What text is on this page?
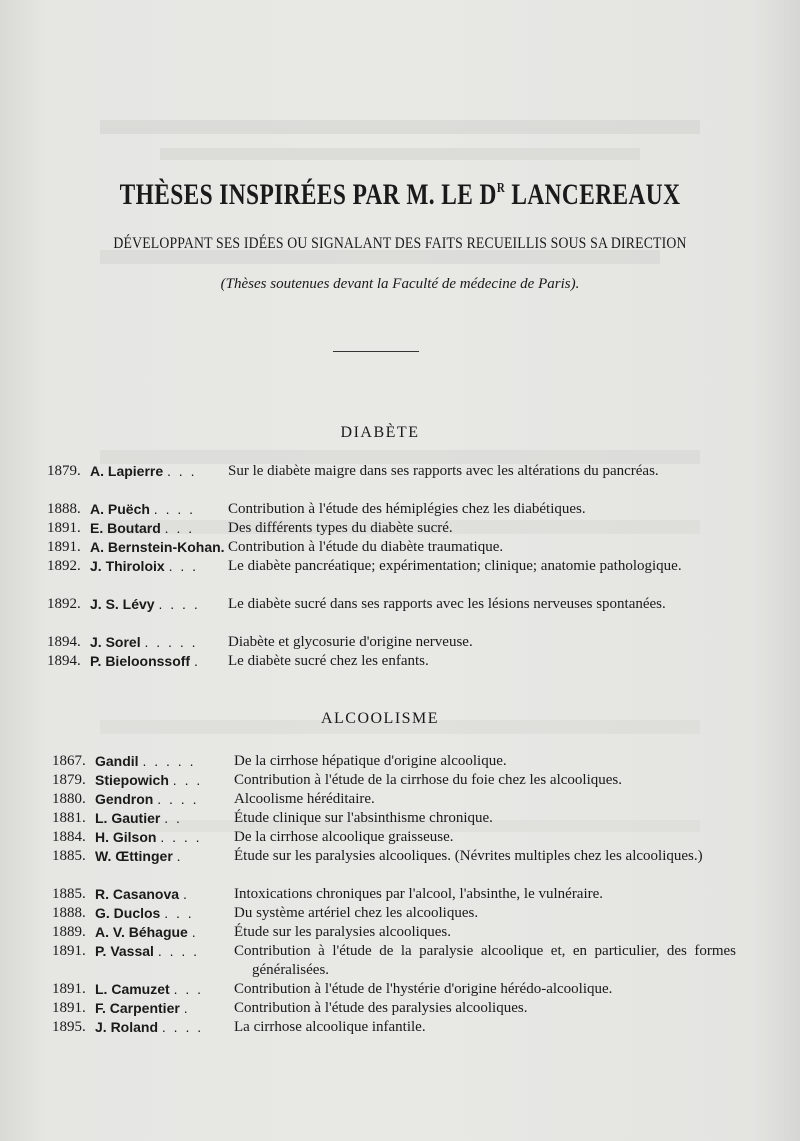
THÈSES INSPIRÉES PAR M. LE $D^R$ LANCEREAUX
DÉVELOPPANT SES IDÉES OU SIGNALANT DES FAITS RECUEILLIS SOUS SA DIRECTION
(Thèses soutenues devant la Faculté de médecine de Paris).
DIABÈTE
1879. A. Lapierre . . . Sur le diabète maigre dans ses rapports avec les altérations du pancréas.
1888. A. Puëch . . . . Contribution à l'étude des hémiplégies chez les diabétiques.
1891. E. Boutard . . . Des différents types du diabète sucré.
1891. A. Bernstein-Kohan. Contribution à l'étude du diabète traumatique.
1892. J. Thiroloix . . . Le diabète pancréatique; expérimentation; clinique; anatomie pathologique.
1892. J. S. Lévy . . . . Le diabète sucré dans ses rapports avec les lésions nerveuses spontanées.
1894. J. Sorel . . . . . Diabète et glycosurie d'origine nerveuse.
1894. P. Bieloonssoff . Le diabète sucré chez les enfants.
ALCOOLISME
1867. Gandil . . . . .	De la cirrhose hépatique d'origine alcoolique.
1879. Stiepowich . . . Contribution à l'étude de la cirrhose du foie chez les alcooliques.
1880. Gendron . . . . Alcoolisme héréditaire.
1881. L. Gautier . .	Étude clinique sur l'absinthisme chronique.
1884. H. Gilson . . . . De la cirrhose alcoolique graisseuse.
1885. W. Œttinger .	Étude sur les paralysies alcooliques. (Névrites multiples chez les alcooliques.)
1885. R. Casanova .	Intoxications chroniques par l'alcool, l'absinthe, le vulnéraire.
1888. G. Duclos . . .	Du système artériel chez les alcooliques.
1889. A. V. Béhague . Étude sur les paralysies alcooliques.
1891. P. Vassal . . . . Contribution à l'étude de la paralysie alcoolique et, en particulier, des formes généralisées.
1891. L. Camuzet . . . Contribution à l'étude de l'hystérie d'origine hérédo-alcoolique.
1891. F. Carpentier .	Contribution à l'étude des paralysies alcooliques.
1895. J. Roland . . . . La cirrhose alcoolique infantile.
